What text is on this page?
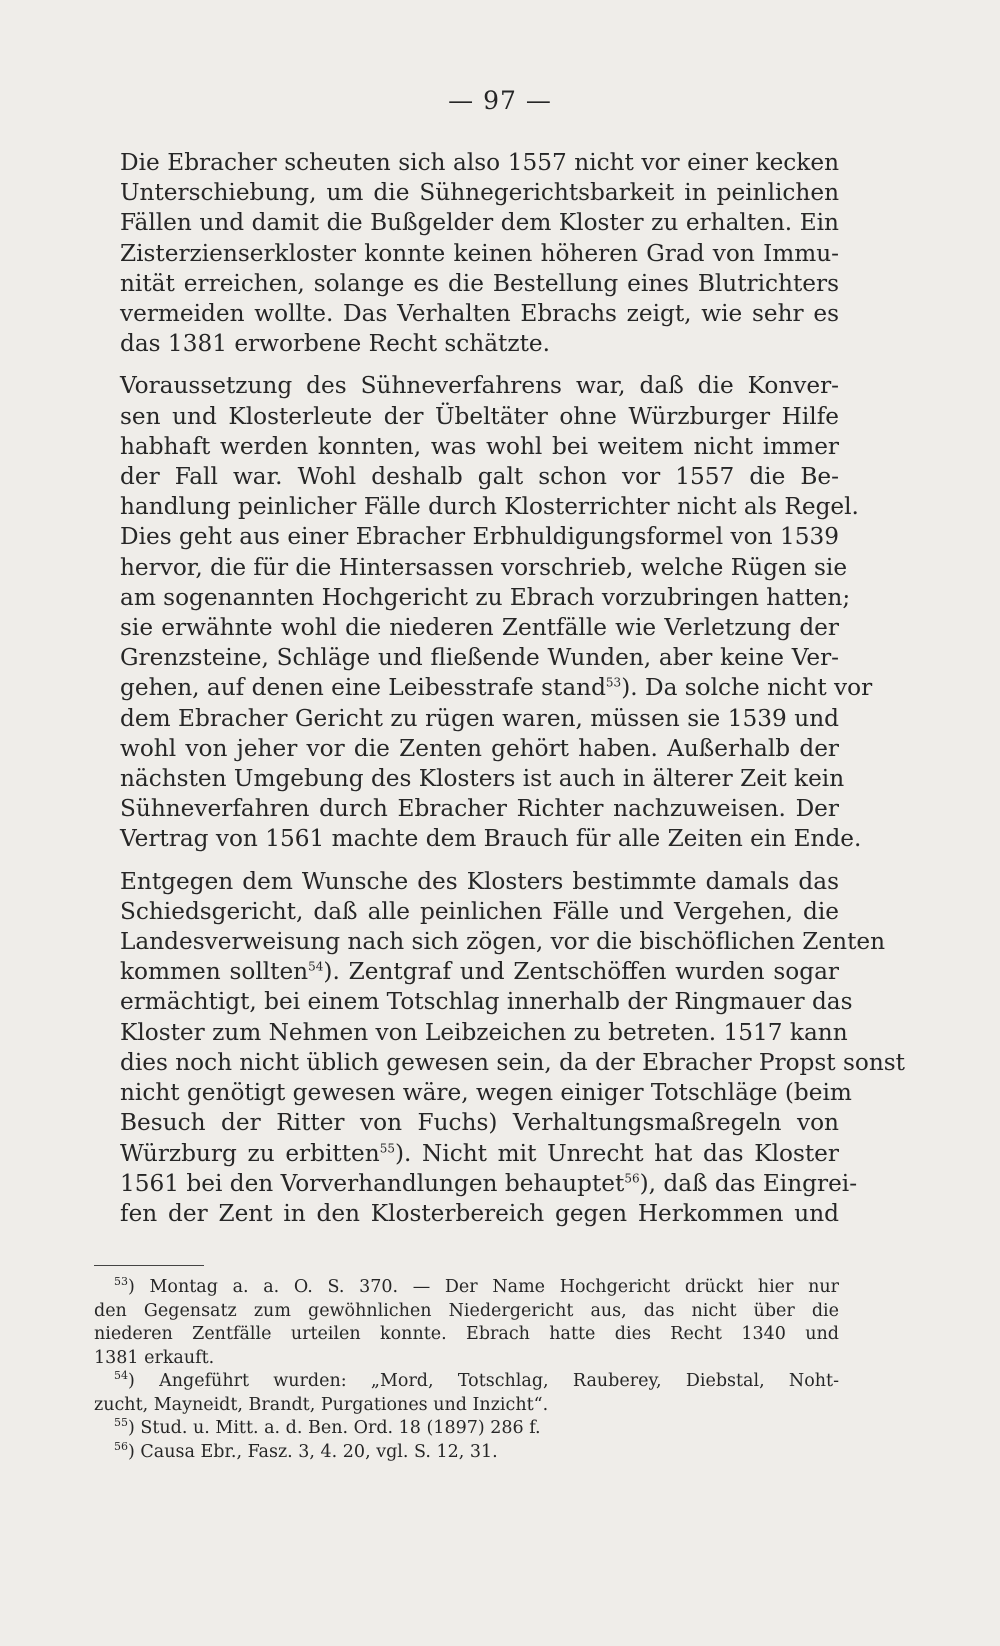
— 97 —
Die Ebracher scheuten sich also 1557 nicht vor einer kecken
Unterschiebung, um die Sühnegerichtsbarkeit in peinlichen
Fällen und damit die Bußgelder dem Kloster zu erhalten. Ein
Zisterzienserkloster konnte keinen höheren Grad von Immu-
nität erreichen, solange es die Bestellung eines Blutrichters
vermeiden wollte. Das Verhalten Ebrachs zeigt, wie sehr es
das 1381 erworbene Recht schätzte.
Voraussetzung des Sühneverfahrens war, daß die Konver-
sen und Klosterleute der Übeltäter ohne Würzburger Hilfe
habhaft werden konnten, was wohl bei weitem nicht immer
der Fall war. Wohl deshalb galt schon vor 1557 die Be-
handlung peinlicher Fälle durch Klosterrichter nicht als Regel.
Dies geht aus einer Ebracher Erbhuldigungsformel von 1539
hervor, die für die Hintersassen vorschrieb, welche Rügen sie
am sogenannten Hochgericht zu Ebrach vorzubringen hatten;
sie erwähnte wohl die niederen Zentfälle wie Verletzung der
Grenzsteine, Schläge und fließende Wunden, aber keine Ver-
gehen, auf denen eine Leibesstrafe stand$^{53}$). Da solche nicht vor
dem Ebracher Gericht zu rügen waren, müssen sie 1539 und
wohl von jeher vor die Zenten gehört haben. Außerhalb der
nächsten Umgebung des Klosters ist auch in älterer Zeit kein
Sühneverfahren durch Ebracher Richter nachzuweisen. Der
Vertrag von 1561 machte dem Brauch für alle Zeiten ein Ende.
Entgegen dem Wunsche des Klosters bestimmte damals das
Schiedsgericht, daß alle peinlichen Fälle und Vergehen, die
Landesverweisung nach sich zögen, vor die bischöflichen Zenten
kommen sollten$^{54}$). Zentgraf und Zentschöffen wurden sogar
ermächtigt, bei einem Totschlag innerhalb der Ringmauer das
Kloster zum Nehmen von Leibzeichen zu betreten. 1517 kann
dies noch nicht üblich gewesen sein, da der Ebracher Propst sonst
nicht genötigt gewesen wäre, wegen einiger Totschläge (beim
Besuch der Ritter von Fuchs) Verhaltungsmaßregeln von
Würzburg zu erbitten$^{55}$). Nicht mit Unrecht hat das Kloster
1561 bei den Vorverhandlungen behauptet$^{56}$), daß das Eingrei-
fen der Zent in den Klosterbereich gegen Herkommen und
$^{53}$) Montag a. a. O. S. 370. — Der Name Hochgericht drückt hier nur
den Gegensatz zum gewöhnlichen Niedergericht aus, das nicht über die
niederen Zentfälle urteilen konnte. Ebrach hatte dies Recht 1340 und
1381 erkauft.
$^{54}$) Angeführt wurden: „Mord, Totschlag, Rauberey, Diebstal, Noht-
zucht, Mayneidt, Brandt, Purgationes und Inzicht“.
$^{55}$) Stud. u. Mitt. a. d. Ben. Ord. 18 (1897) 286 f.
$^{56}$) Causa Ebr., Fasz. 3, 4. 20, vgl. S. 12, 31.
